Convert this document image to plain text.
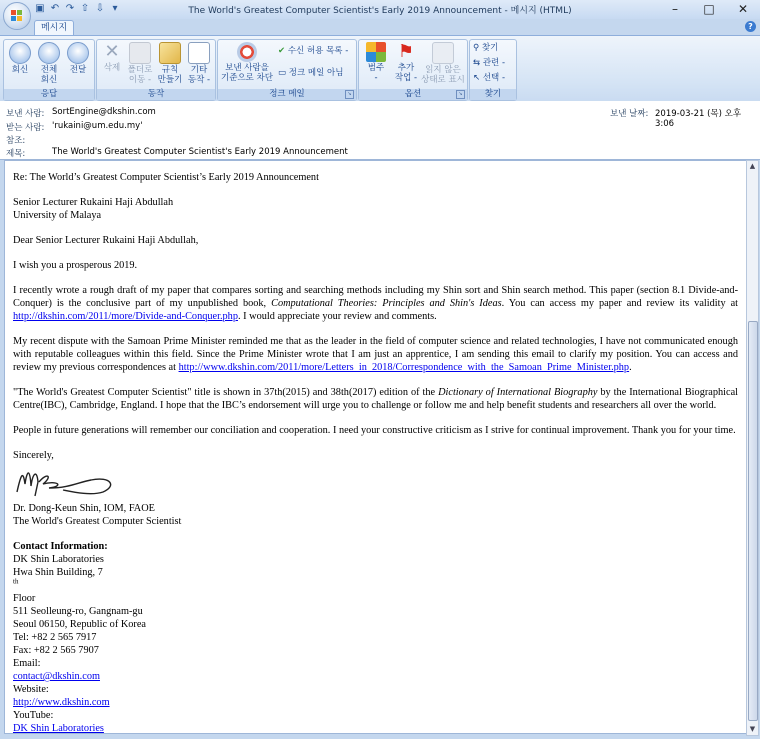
▣ ↶ ↷ ⇧ ⇩ ▾	The World's Greatest Computer Scientist's Early 2019 Announcement - 메시지 (HTML)	–	□	✕
메시지	?
회신	전체
회신
전달
응답
✕
삭제 폴더로
이동 -
규칙
만들기
기타
동작 -
동작
보낸 사람을
기준으로 차단
✔ 수신 허용 목록 -
▭ 정크 메일 아님
정크 메일	↘
범주
-
⚑
추가
작업 -
읽지 않은
상태로 표시
옵션	↘
⚲ 찾기
⇆ 관련 -
↖ 선택 -
찾기
보낸 사람: SortEngine@dkshin.com
받는 사람: 'rukaini@um.edu.my'
참조:
제목:	The World's Greatest Computer Scientist's Early 2019 Announcement
보낸 날짜: 2019-03-21 (목) 오후 3:06

Re: The World’s Greatest Computer Scientist’s Early 2019 Announcement

Senior Lecturer Rukaini Haji Abdullah
University of Malaya

Dear Senior Lecturer Rukaini Haji Abdullah,

I wish you a prosperous 2019.

I recently wrote a rough draft of my paper that compares sorting and searching methods including my Shin sort and Shin search method. This paper (section 8.1 Divide-and-Conquer) is the conclusive part of my unpublished book, Computational Theories: Principles and Shin's Ideas. You can access my paper and review its validity at http://dkshin.com/2011/more/Divide-and-Conquer.php. I would appreciate your review and comments.

My recent dispute with the Samoan Prime Minister reminded me that as the leader in the field of computer science and related technologies, I have not communicated enough with reputable colleagues within this field. Since the Prime Minister wrote that I am just an apprentice, I am sending this email to clarify my position. You can access and review my previous correspondences at http://www.dkshin.com/2011/more/Letters_in_2018/Correspondence_with_the_Samoan_Prime_Minister.php.

"The World's Greatest Computer Scientist" title is shown in 37th(2015) and 38th(2017) edition of the Dictionary of International Biography by the International Biographical Centre(IBC), Cambridge, England. I hope that the IBC’s endorsement will urge you to challenge or follow me and help benefit students and researchers all over the world.

People in future generations will remember our conciliation and cooperation. I need your constructive criticism as I strive for continual improvement. Thank you for your time.

Sincerely,

Dr. Dong-Keun Shin, IOM, FAOE
The World's Greatest Computer Scientist

Contact Information:
DK Shin Laboratories
Hwa Shin Building, 7
$^{th}$
Floor
511 Seolleung-ro, Gangnam-gu
Seoul 06150, Republic of Korea
Tel: +82 2 565 7917
Fax: +82 2 565 7907
Email:
contact@dkshin.com
Website:
http://www.dkshin.com
YouTube:
DK Shin Laboratories
▲
▼
